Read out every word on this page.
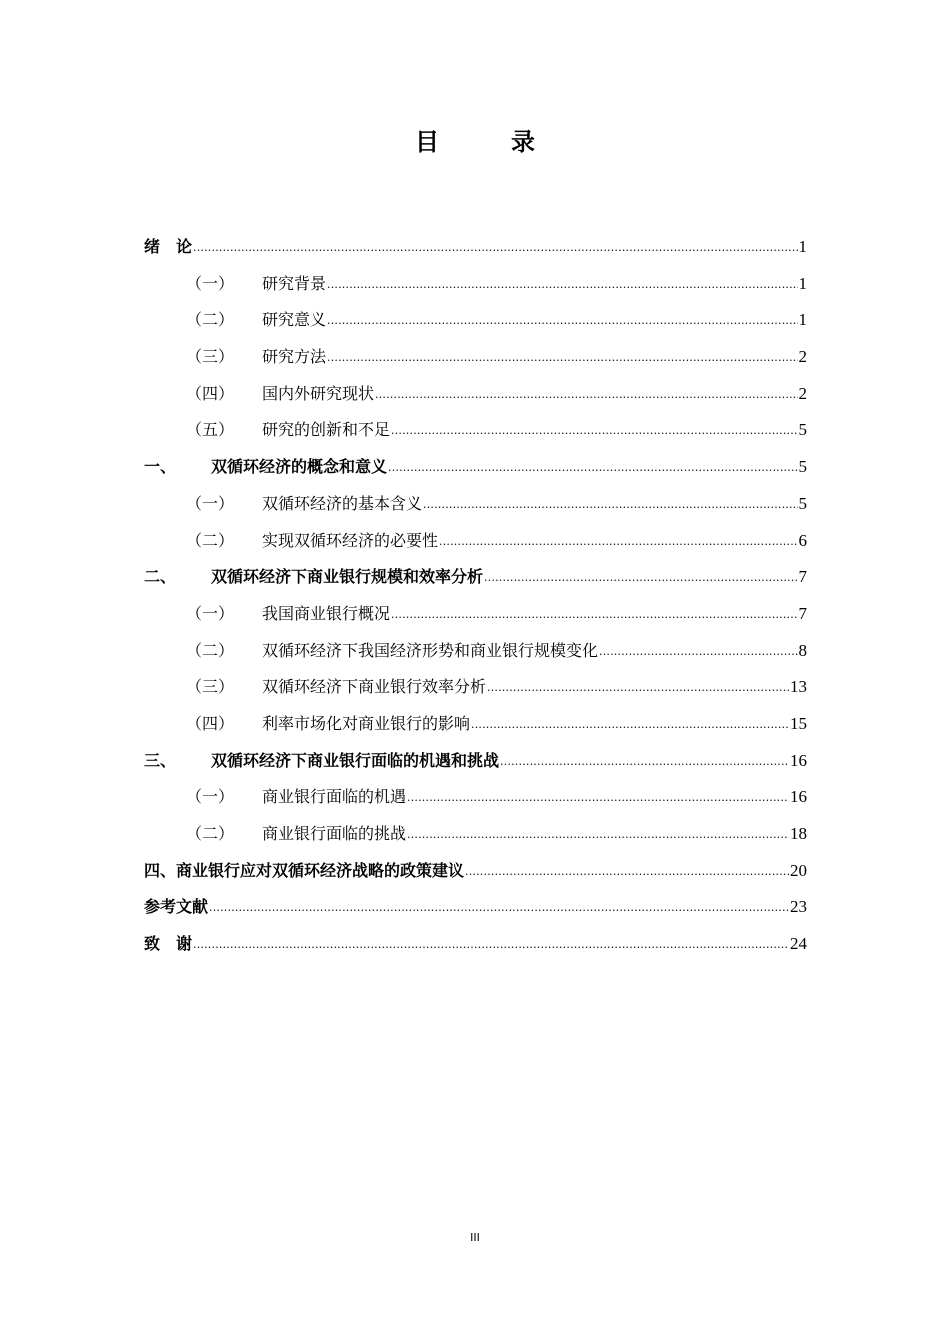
目　录
绪　论 .....	1
（一）	研究背景 .....	1
（二）	研究意义 .....	1
（三）	研究方法 .....	2
（四）	国内外研究现状 .....	2
（五）	研究的创新和不足 .....	5
一、	双循环经济的概念和意义 .....	5
（一）	双循环经济的基本含义 .....	5
（二）	实现双循环经济的必要性 .....	6
二、	双循环经济下商业银行规模和效率分析 .....	7
（一）	我国商业银行概况 .....	7
（二）	双循环经济下我国经济形势和商业银行规模变化 .....	8
（三）	双循环经济下商业银行效率分析 .....	13
（四）	利率市场化对商业银行的影响 .....	15
三、	双循环经济下商业银行面临的机遇和挑战 .....	16
（一）	商业银行面临的机遇 .....	16
（二）	商业银行面临的挑战 .....	18
四、商业银行应对双循环经济战略的政策建议 .....	20
参考文献 .....	23
致　谢 .....	24
III
